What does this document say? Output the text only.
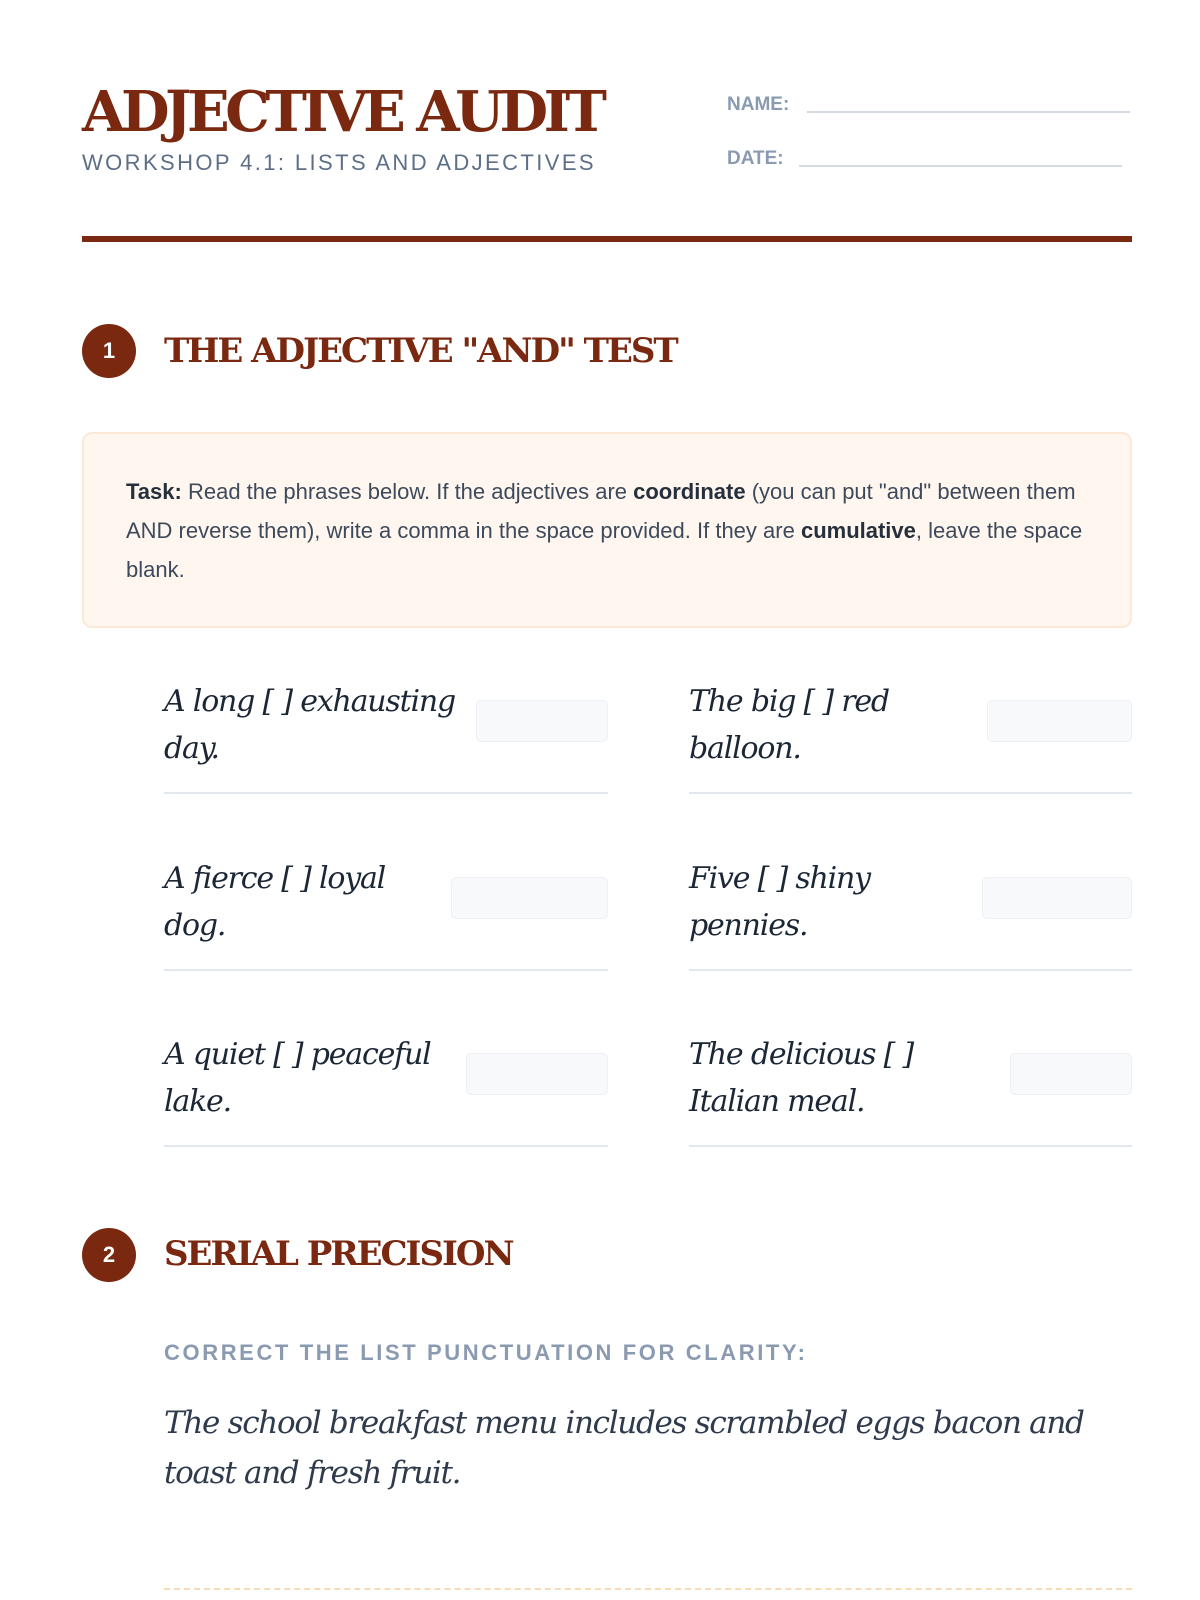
ADJECTIVE AUDIT
WORKSHOP 4.1: LISTS AND ADJECTIVES
NAME:
DATE:
1	THE ADJECTIVE "AND" TEST
Task: Read the phrases below. If the adjectives are coordinate (you can put "and" between them AND reverse them), write a comma in the space provided. If they are cumulative, leave the space blank.
A long [ ] exhausting day.
The big [ ] red balloon.
A fierce [ ] loyal dog.
Five [ ] shiny pennies.
A quiet [ ] peaceful lake.
The delicious [ ] Italian meal.
2	SERIAL PRECISION
CORRECT THE LIST PUNCTUATION FOR CLARITY:
The school breakfast menu includes scrambled eggs bacon and toast and fresh fruit.
